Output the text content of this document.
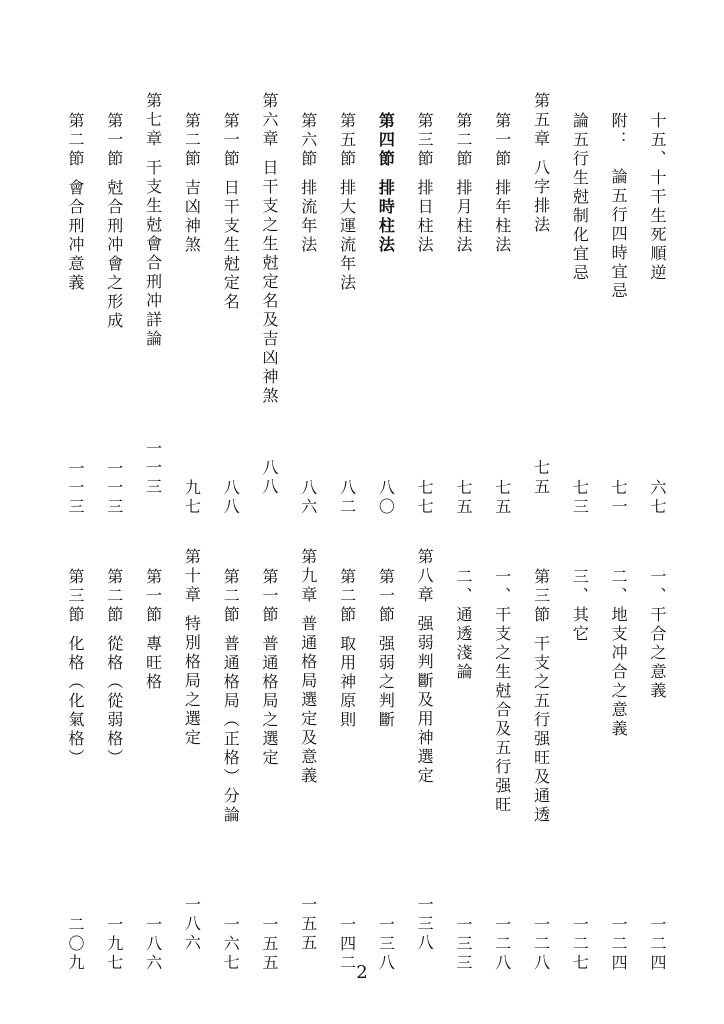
十五、十干生死順逆
六七
附：
論五行四時宜忌
七一
論五行生尅制化宜忌
七三
第五章
八字排法
七五
第一節
排年柱法
七五
第二節
排月柱法
七五
第三節
排日柱法
七七
第四節
排時柱法
八〇
第五節
排大運流年法
八二
第六節
排流年法
八六
第六章
日干支之生尅定名及吉凶神煞
八八
第一節
日干支生尅定名
八八
第二節
吉凶神煞
九七
第七章
干支生尅會合刑冲詳論
一一三
第一節
尅合刑冲會之形成
一一三
第二節
會合刑冲意義
一一三
一、干合之意義
一二四
二、地支冲合之意義
一二四
三、其它
一二七
第三節
干支之五行强旺及通透
一二八
一、干支之生尅合及五行强旺
一二八
二、通透淺論
一三三
第八章
强弱判斷及用神選定
一三八
第一節
强弱之判斷
一三八
第二節
取用神原則
一四二
第九章
普通格局選定及意義
一五五
第一節
普通格局之選定
一五五
第二節
普通格局（正格）分論
一六七
第十章
特別格局之選定
一八六
第一節
專旺格
一八六
第二節
從格（從弱格）
一九七
第三節
化格（化氣格）
二〇九	2
